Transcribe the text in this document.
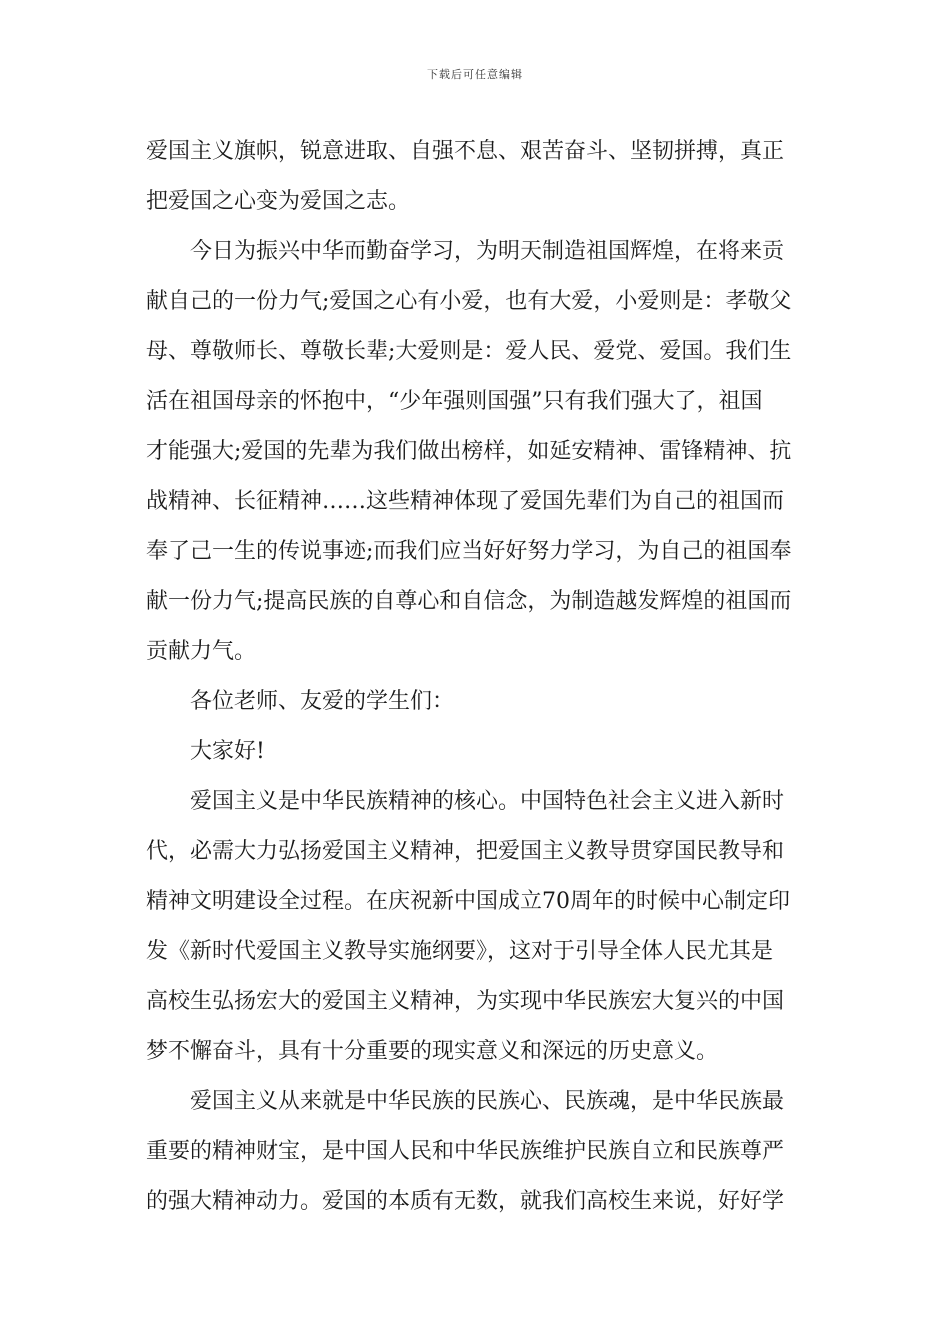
下载后可任意编辑
爱国主义旗帜，锐意进取、自强不息、艰苦奋斗、坚韧拼搏，真正
把爱国之心变为爱国之志。
今日为振兴中华而勤奋学习，为明天制造祖国辉煌，在将来贡
献自己的一份力气;爱国之心有小爱，也有大爱，小爱则是：孝敬父
母、尊敬师长、尊敬长辈;大爱则是：爱人民、爱党、爱国。我们生
活在祖国母亲的怀抱中，“少年强则国强”只有我们强大了，祖国
才能强大;爱国的先辈为我们做出榜样，如延安精神、雷锋精神、抗
战精神、长征精神……这些精神体现了爱国先辈们为自己的祖国而
奉了己一生的传说事迹;而我们应当好好努力学习，为自己的祖国奉
献一份力气;提高民族的自尊心和自信念，为制造越发辉煌的祖国而
贡献力气。
各位老师、友爱的学生们：
大家好!
爱国主义是中华民族精神的核心。中国特色社会主义进入新时
代，必需大力弘扬爱国主义精神，把爱国主义教导贯穿国民教导和
精神文明建设全过程。在庆祝新中国成立70周年的时候中心制定印
发《新时代爱国主义教导实施纲要》，这对于引导全体人民尤其是
高校生弘扬宏大的爱国主义精神，为实现中华民族宏大复兴的中国
梦不懈奋斗，具有十分重要的现实意义和深远的历史意义。
爱国主义从来就是中华民族的民族心、民族魂，是中华民族最
重要的精神财宝，是中国人民和中华民族维护民族自立和民族尊严
的强大精神动力。爱国的本质有无数，就我们高校生来说，好好学
